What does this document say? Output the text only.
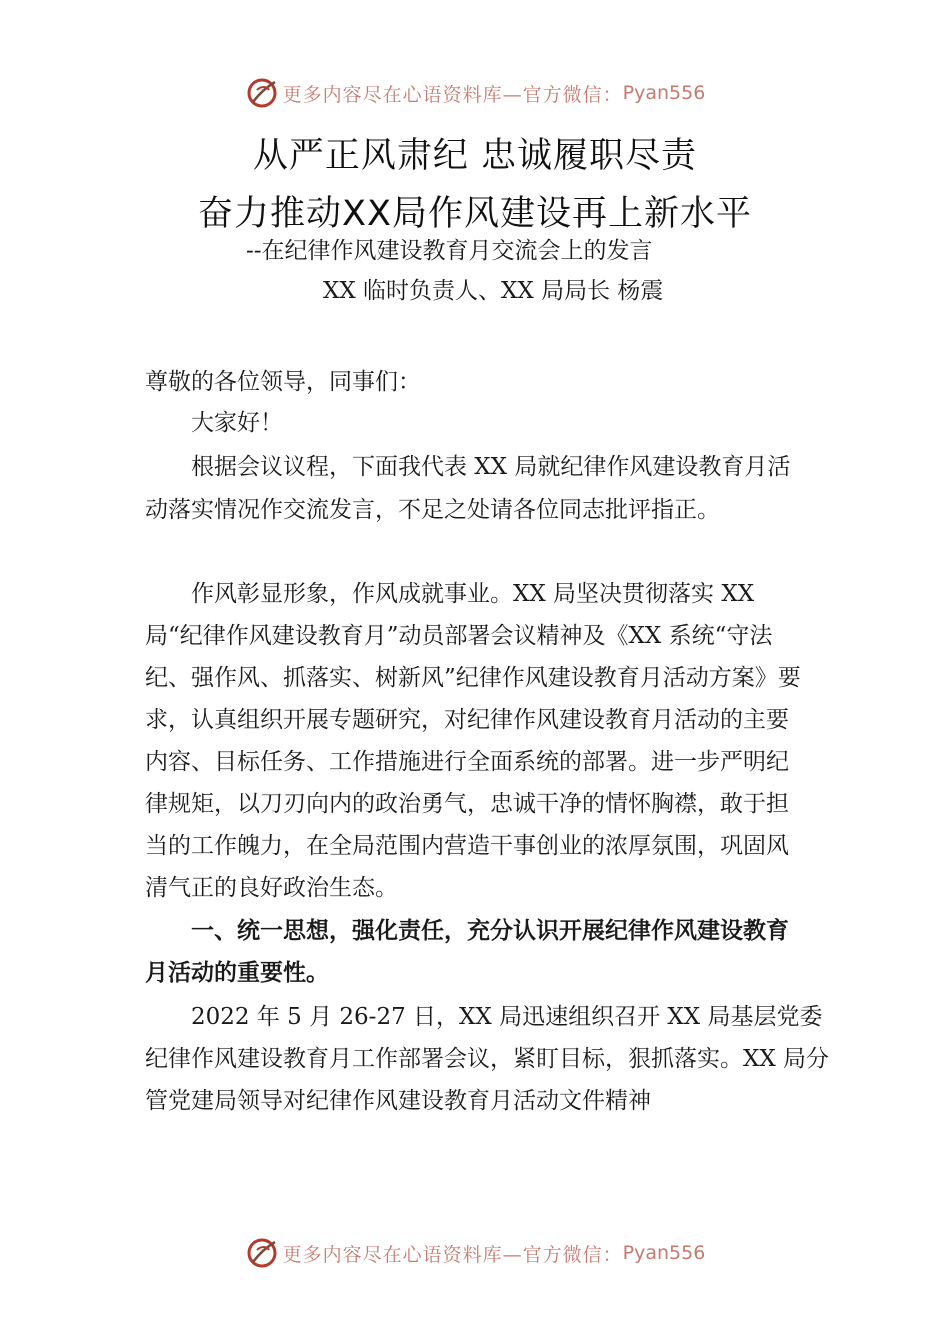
更多内容尽在心语资料库—官方微信： Pyan556
从严正风肃纪 忠诚履职尽责
奋力推动XX局作风建设再上新水平
--在纪律作风建设教育月交流会上的发言
XX 临时负责人、XX 局局长 杨震
尊敬的各位领导，同事们：

大家好！

根据会议议程，下面我代表 XX 局就纪律作风建设教育月活动落实情况作交流发言，不足之处请各位同志批评指正。

作风彰显形象，作风成就事业。XX 局坚决贯彻落实 XX 局“纪律作风建设教育月”动员部署会议精神及《XX 系统“守法纪、强作风、抓落实、树新风”纪律作风建设教育月活动方案》要求，认真组织开展专题研究，对纪律作风建设教育月活动的主要内容、目标任务、工作措施进行全面系统的部署。进一步严明纪律规矩，以刀刃向内的政治勇气，忠诚干净的情怀胸襟，敢于担当的工作魄力，在全局范围内营造干事创业的浓厚氛围，巩固风清气正的良好政治生态。

一、统一思想，强化责任，充分认识开展纪律作风建设教育月活动的重要性。

2022 年 5 月 26-27 日，XX 局迅速组织召开 XX 局基层党委纪律作风建设教育月工作部署会议，紧盯目标，狠抓落实。XX 局分管党建局领导对纪律作风建设教育月活动文件精神

更多内容尽在心语资料库—官方微信： Pyan556
